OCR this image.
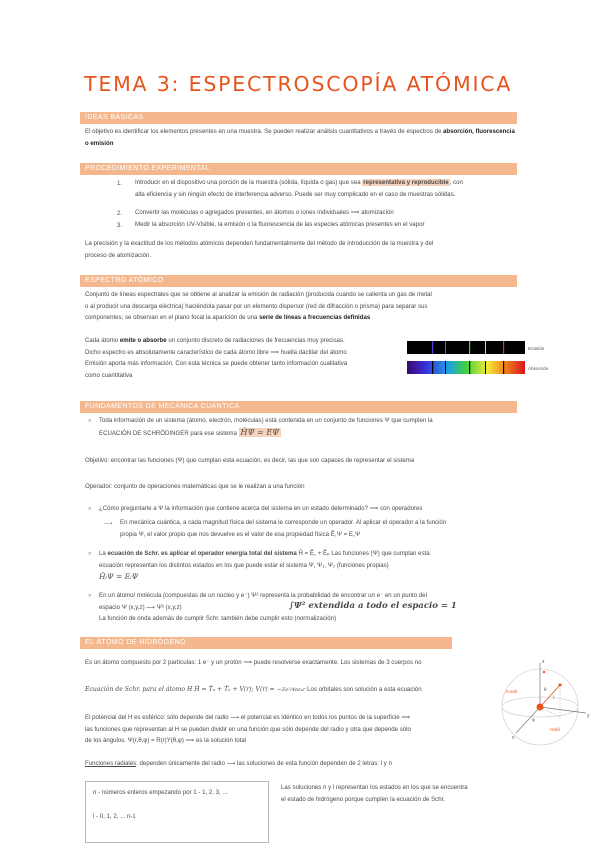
TEMA 3: ESPECTROSCOPÍA ATÓMICA
IDEAS BÁSICAS
El objetivo es identificar los elementos presentes en una muestra. Se pueden realizar análisis cuantitativos a través de espectros de absorción, fluorescencia o emisión
PROCEDIMIENTO EXPERIMENTAL
1. Introducir en el dispositivo una porción de la muestra (sólida, líquida o gas) que sea representativa y reproducible, con
alta eficiencia y sin ningún efecto de interferencia adverso. Puede ser muy complicado en el caso de muestras sólidas.
2. Convertir las moléculas o agregados presentes, en átomos o iones individuales ⟹ atomización
3. Medir la absorción UV-Visible, la emisión o la fluorescencia de las especies atómicas presentes en el vapor
La precisión y la exactitud de los métodos atómicos dependen fundamentalmente del método de introducción de la muestra y del
proceso de atomización.
ESPECTRO ATÓMICO
Conjunto de líneas espectrales que se obtiene al analizar la emisión de radiación (producida cuando se calienta un gas de metal
o al producir una descarga eléctrica) haciéndola pasar por un elemento dispersor (red de difracción o prisma) para separar sus
componentes; se observan en el plano focal la aparición de una serie de líneas a frecuencias definidas
Cada átomo emite o absorbe un conjunto discreto de radiaciones de frecuencias muy precisas.
Dicho espectro es absolutamente característico de cada átomo libre ⟹ huella dactilar del átomo
Emisión aporta más información. Con esta técnica se puede obtener tanto información cualitativa
como cuantitativa
Emisión
Absorción
FUNDAMENTOS DE MECÁNICA CUÁNTICA
» Toda información de un sistema (átomo, electrón, moléculas) está contenida en un conjunto de funciones Ψ que cumplen la
ECUACIÓN DE SCHRÖDINGER para ese sistema ĤΨ = EΨ
Objetivo: encontrar las funciones (Ψ) que cumplan esta ecuación, es decir, las que son capaces de representar el sistema
Operador: conjunto de operaciones matemáticas que se le realizan a una función
» ¿Cómo preguntarle a Ψ la información que contiene acerca del sistema en un estado determinado? ⟹ con operadores
⟶ En mecánica cuántica, a cada magnitud física del sistema le corresponde un operador. Al aplicar el operador a la función
propia Ψ, el valor propio que nos devuelve es el valor de esa propiedad física Ê꜀Ψ = E꜀Ψ
» La ecuación de Schr. es aplicar el operador energía total del sistema Ĥ = Ê꜀ + Êₚ Las funciones (Ψ) que cumplan esta
ecuación representan los distintos estados en los que puede estar el sistema Ψ, Ψ₁, Ψ₂ (funciones propias)
ĤᵢΨ = EᵢΨ
» En un átomo/ molécula (compuestas de un núcleo y e⁻) Ψ² representa la probabilidad de encontrar un e⁻ en un punto del
espacio Ψ (x,y,z) ⟶ Ψ² (x,y,z)	∫Ψ² extendida a todo el espacio = 1
La función de onda además de cumplir Schr. también debe cumplir esto (normalización)
EL ÁTOMO DE HIDRÓGENO
Es un átomo compuesto por 2 partículas: 1 e⁻ y un protón ⟹ puede resolverse exactamente. Los sistemas de 3 cuerpos no
Ecuación de Schr. para el átomo H Ĥ = T̂ₙ + T̂ₑ + V(r); V(r) = −Ze²/4πε₀r Los orbitales son solución a esta ecuación
El potencial del H es esférico: sólo depende del radio ⟶ el potencial es idéntico en todos los puntos de la superficie ⟹
las funciones que representan al H se pueden dividir en una función que sólo depende del radio y otra que depende sólo
de los ángulos. Ψ(r,θ,φ) = R(r)Y(θ,φ) ⟹ es la solución total
Funciones radiales: dependen únicamente del radio ⟶ las soluciones de esta función dependen de 2 letras: l y n
n - números enteros empezando por 1 - 1, 2, 3, ...
l - 0, 1, 2, ... n-1
Las soluciones n y l representan los estados en los que se encuentra
el estado de hidrógeno porque cumplen la ecuación de Schr.
z
y
x
rcosθ
rsinθ
θ
φ
r
